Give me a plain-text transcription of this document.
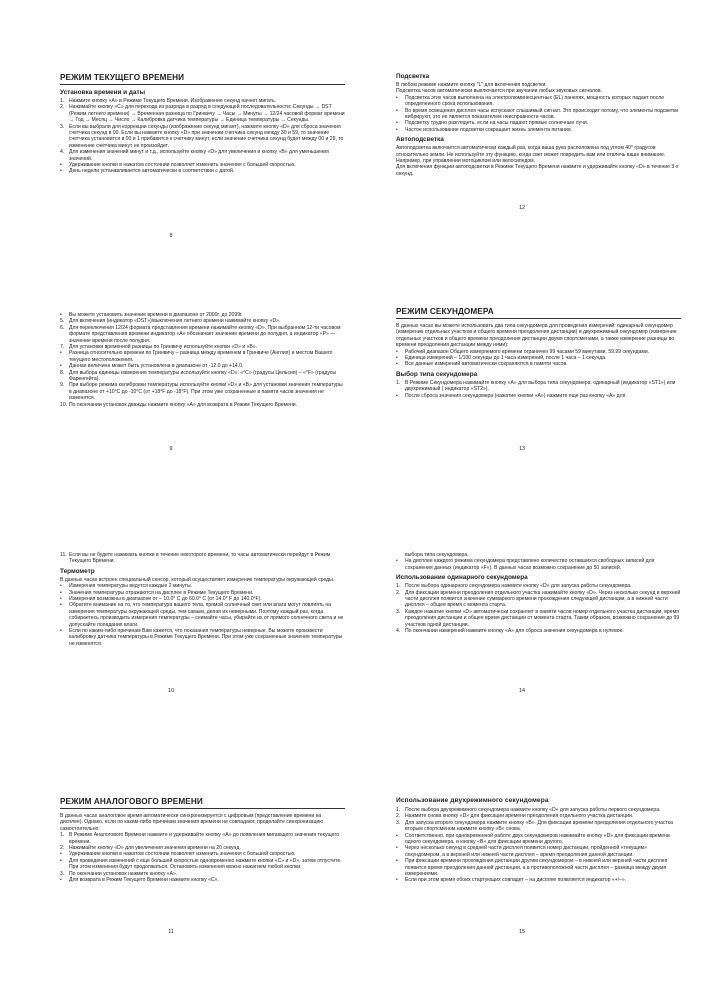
РЕЖИМ ТЕКУЩЕГО ВРЕМЕНИ
Установка времени и даты
1. Нажмите кнопку «A» в Режиме Текущего Времени. Изображение секунд начнет мигать.
2. Нажимайте кнопку «C» для перехода из разряда в разряд в следующей последовательности: Секунды → DST (Режим летнего времени) → Временная разница по Гринвичу → Часы → Минуты → 12/24 часовой формат времени → Год → Месяц → Число → Калибровка датчика температуры → Единица температуры → Секунды.
3. Если вы выбрали для коррекции секунды (изображение секунд мигает), нажмите кнопку «D» для сброса значения счетчика секунд в 00. Если вы нажмете кнопку «D» при значении счетчика секунд между 30 и 59, то значение счетчика установится в 00 и 1 прибавится к счетчику минут, если значение счетчика секунд будет между 00 и 29, то изменение счетчика минут не произойдет.
4. Для изменения значений минут и т.д., используйте кнопку «D» для увеличения и кнопку «B» для уменьшения значений.
• Удерживание кнопки в нажатом состоянии позволяет изменить значения с большей скоростью.
• День недели устанавливается автоматически в соответствии с датой.
8
Подсветка

В любом режиме нажмите кнопку "L" для включения подсветки.

Подсветка часов автоматически выключается при звучании любых звуковых сигналов.

• Подсветка этих часов выполнена на электролюминесцентных (EL) панелях, мощность которых падает после определенного срока использования.
• Во время освещения дисплея часы испускают слышимый сигнал. Это происходит потому, что элементы подсветки вибрируют, это не является показателем неисправности часов.
• Подсветку трудно разглядеть, если на часы падают прямые солнечные лучи.
• Частое использование подсветки сокращает жизнь элемента питания.
Автоподсветка

Автоподсветка включается автоматически каждый раз, когда ваша рука расположена под углом 40° градусов относительно земли. Не используйте эту функцию, когда свет может повредить вам или отвлечь ваше внимание. Например, при управлении мотоциклом или велосипедом.

Для включения функции автоподсветки в Режиме Текущего Времени нажмите и удерживайте кнопку «D» в течение 3-х секунд.

12
• Вы можете установить значение времени в диапазоне от 2000г. до 2099г.
5. Для включения (индикатор «DST»)/выключения летнего времени нажимайте кнопку «D».
6. Для переключения 12/24 формата представления времени нажимайте кнопку «D». При выбранном 12-ти часовом формате представления времени индикатор «A» обозначает значение времени до полудня, а индикатор «P» — значение времени после полудня.
7. Для установки временной разницы по Гринвичу используйте кнопки «D» и «B».
• Разница относительно времени по Гринвичу – разница между временем в Гринвиче (Англия) и местом Вашего текущего местоположения.
• Данная величина может быть установлена в диапазоне от -12.0 до +14.0.
8. Для выбора единицы измерения температуры используйте кнопку «D»: «°C» (градусы Цельсия) – «°F» (градусы Фаренгейта).
9. При выборе режима калибровки температуры используйте кнопки «D» и «B» для установки значения температуры в диапазоне от +10°C до -10°C (от +18°F до -18°F). При этом уже сохраненные в памяти часов значения не изменятся.
10. По окончании установок дважды нажмите кнопку «A» для возврата в Режим Текущего Времени.
9
РЕЖИМ СЕКУНДОМЕРА

В данных часах вы можете использовать два типа секундомера для проведения измерений: одинарный секундомер (измерение отдельных участков и общего времени преодоления дистанции) и двухрежимный секундомер (измерение отдельных участков и общего времени преодоления дистанции двумя спортсменами, а также измерение разницы во времени преодоления дистанции между ними):

• Рабочий диапазон Общего измеряемого времени ограничен 99 часами 59 минутами, 59.99 секундами.
• Единица измерений – 1/100 секунды до 1 часа измерений, после 1 часа – 1 секунда.
• Все данные измерений автоматически сохраняются в памяти часов.
Выбор типа секундомера
1. В Режиме Секундомера нажимайте кнопку «A» для выбора типа секундомера: одинарный (индикатор «ST1») или двухрежимный ( индикатор «ST2»).
• После сброса значения секундомера (нажатие кнопки «A») нажмите еще раз кнопку «A» для
13
11. Если вы не будете нажимать кнопки в течение некоторого времени, то часы автоматически перейдут в Режим Текущего Времени.
Термометр

В данных часах встроен специальный сенсор, который осуществляет измерение температуры окружающей среды.

• Измерения температуры ведутся каждые 2 минуты.
• Значения температуры отражаются на дисплее в Режиме Текущего Времени.
• Измерения возможны в диапазоне от – 10.0° C до 60.0° C (от 14.0° F до 140.0°F).
• Обратите внимание на то, что температура вашего тела, прямой солнечный свет или влага могут повлиять на измерения температуры окружающей среды, тем самым, делая их неверными. Поэтому каждый раз, когда собираетесь производить измерения температуры – снимайте часы, убирайте их от прямого солнечного света и не допускайте попадания влаги.
• Если по каким-либо причинам Вам кажется, что показания температуры неверные, Вы можете произвести калибровку датчика температуры в Режиме Текущего Времени. При этом уже сохраненные значения температуры не изменятся.
10
выбора типа секундомера.
• На дисплее каждого режима секундомера представлено количество оставшихся свободных записей для сохранения данных (индикатор «F»). В данных часах возможно сохранение до 50 записей.
Использование одинарного секундомера
1. После выбора одинарного секундомера нажмите кнопку «D» для запуска работы секундомера.
2. Для фиксации времени преодоления отдельного участка нажимайте кнопку «D». Через несколько секунд в верхней части дисплея появится значение суммарного времени прохождения следующей дистанции, а в нижней части дисплея – общее время с момента старта.
3. Каждое нажатие кнопки «D» автоматически сохраняет в памяти часов номер отдельного участка дистанции, время преодоления дистанции и общее время дистанции от момента старта. Таким образом, возможно сохранение до 99 участков одной дистанции.
4. По окончании измерений нажмите кнопку «A» для сброса значения секундомера в нулевое.
14
РЕЖИМ АНАЛОГОВОГО ВРЕМЕНИ

В данных часах аналоговое время автоматически синхронизируется с цифровым (представление времени на дисплее). Однако, если по каким-либо причинам значения времени не совпадают, проделайте синхронизацию самостоятельно:

1. В Режиме Аналогового Времени нажмите и удерживайте кнопку «A» до появления мигающего значения текущего времени.
2. Нажимайте кнопку «D» для увеличения значения времени на 20 секунд.
• Удерживание кнопки в нажатом состоянии позволяет изменить значения с большей скоростью.
• Для проведения изменений с еще большей скоростью одновременно нажмите кнопки «C» и «D», затем отпустите. При этом изменения будут продолжаться. Остановить изменения можно нажатием любой кнопки.
3. По окончании установок нажмите кнопку «A».
• Для возврата в Режим Текущего Времени нажмите кнопку «C».
11
Использование двухрежимного секундомера
1. После выбора двухрежимного секундомера нажмите кнопку «D» для запуска работы первого секундомера.
2. Нажмите снова кнопку «D» для фиксации времени преодоления отдельного участка дистанции.
3. Для запуска второго секундомера нажмите кнопку «B». Для фиксации времени преодоления отдельного участка вторым спортсменом нажмите кнопку «B» снова.
• Соответственно, при одновременной работе двух секундомеров нажимайте кнопку «D» для фиксации времени одного секундомера, и кнопку «B» для фиксации времени другого.
• Через несколько секунд в средней части дисплея появится номер дистанции, пройденной «текущим» секундомером, а в верхней или нижней части дисплея – время преодоления данной дистанции.
• При фиксации времени прохождения дистанции другим секундомером – в нижней или верхней части дисплея появится время преодоления данной дистанции, а в противоположной части дисплея – разница между двумя измерениями.
• Если при этом время обоих стартующих совпадет – на дисплее появляется индикатор «+/–».
15
